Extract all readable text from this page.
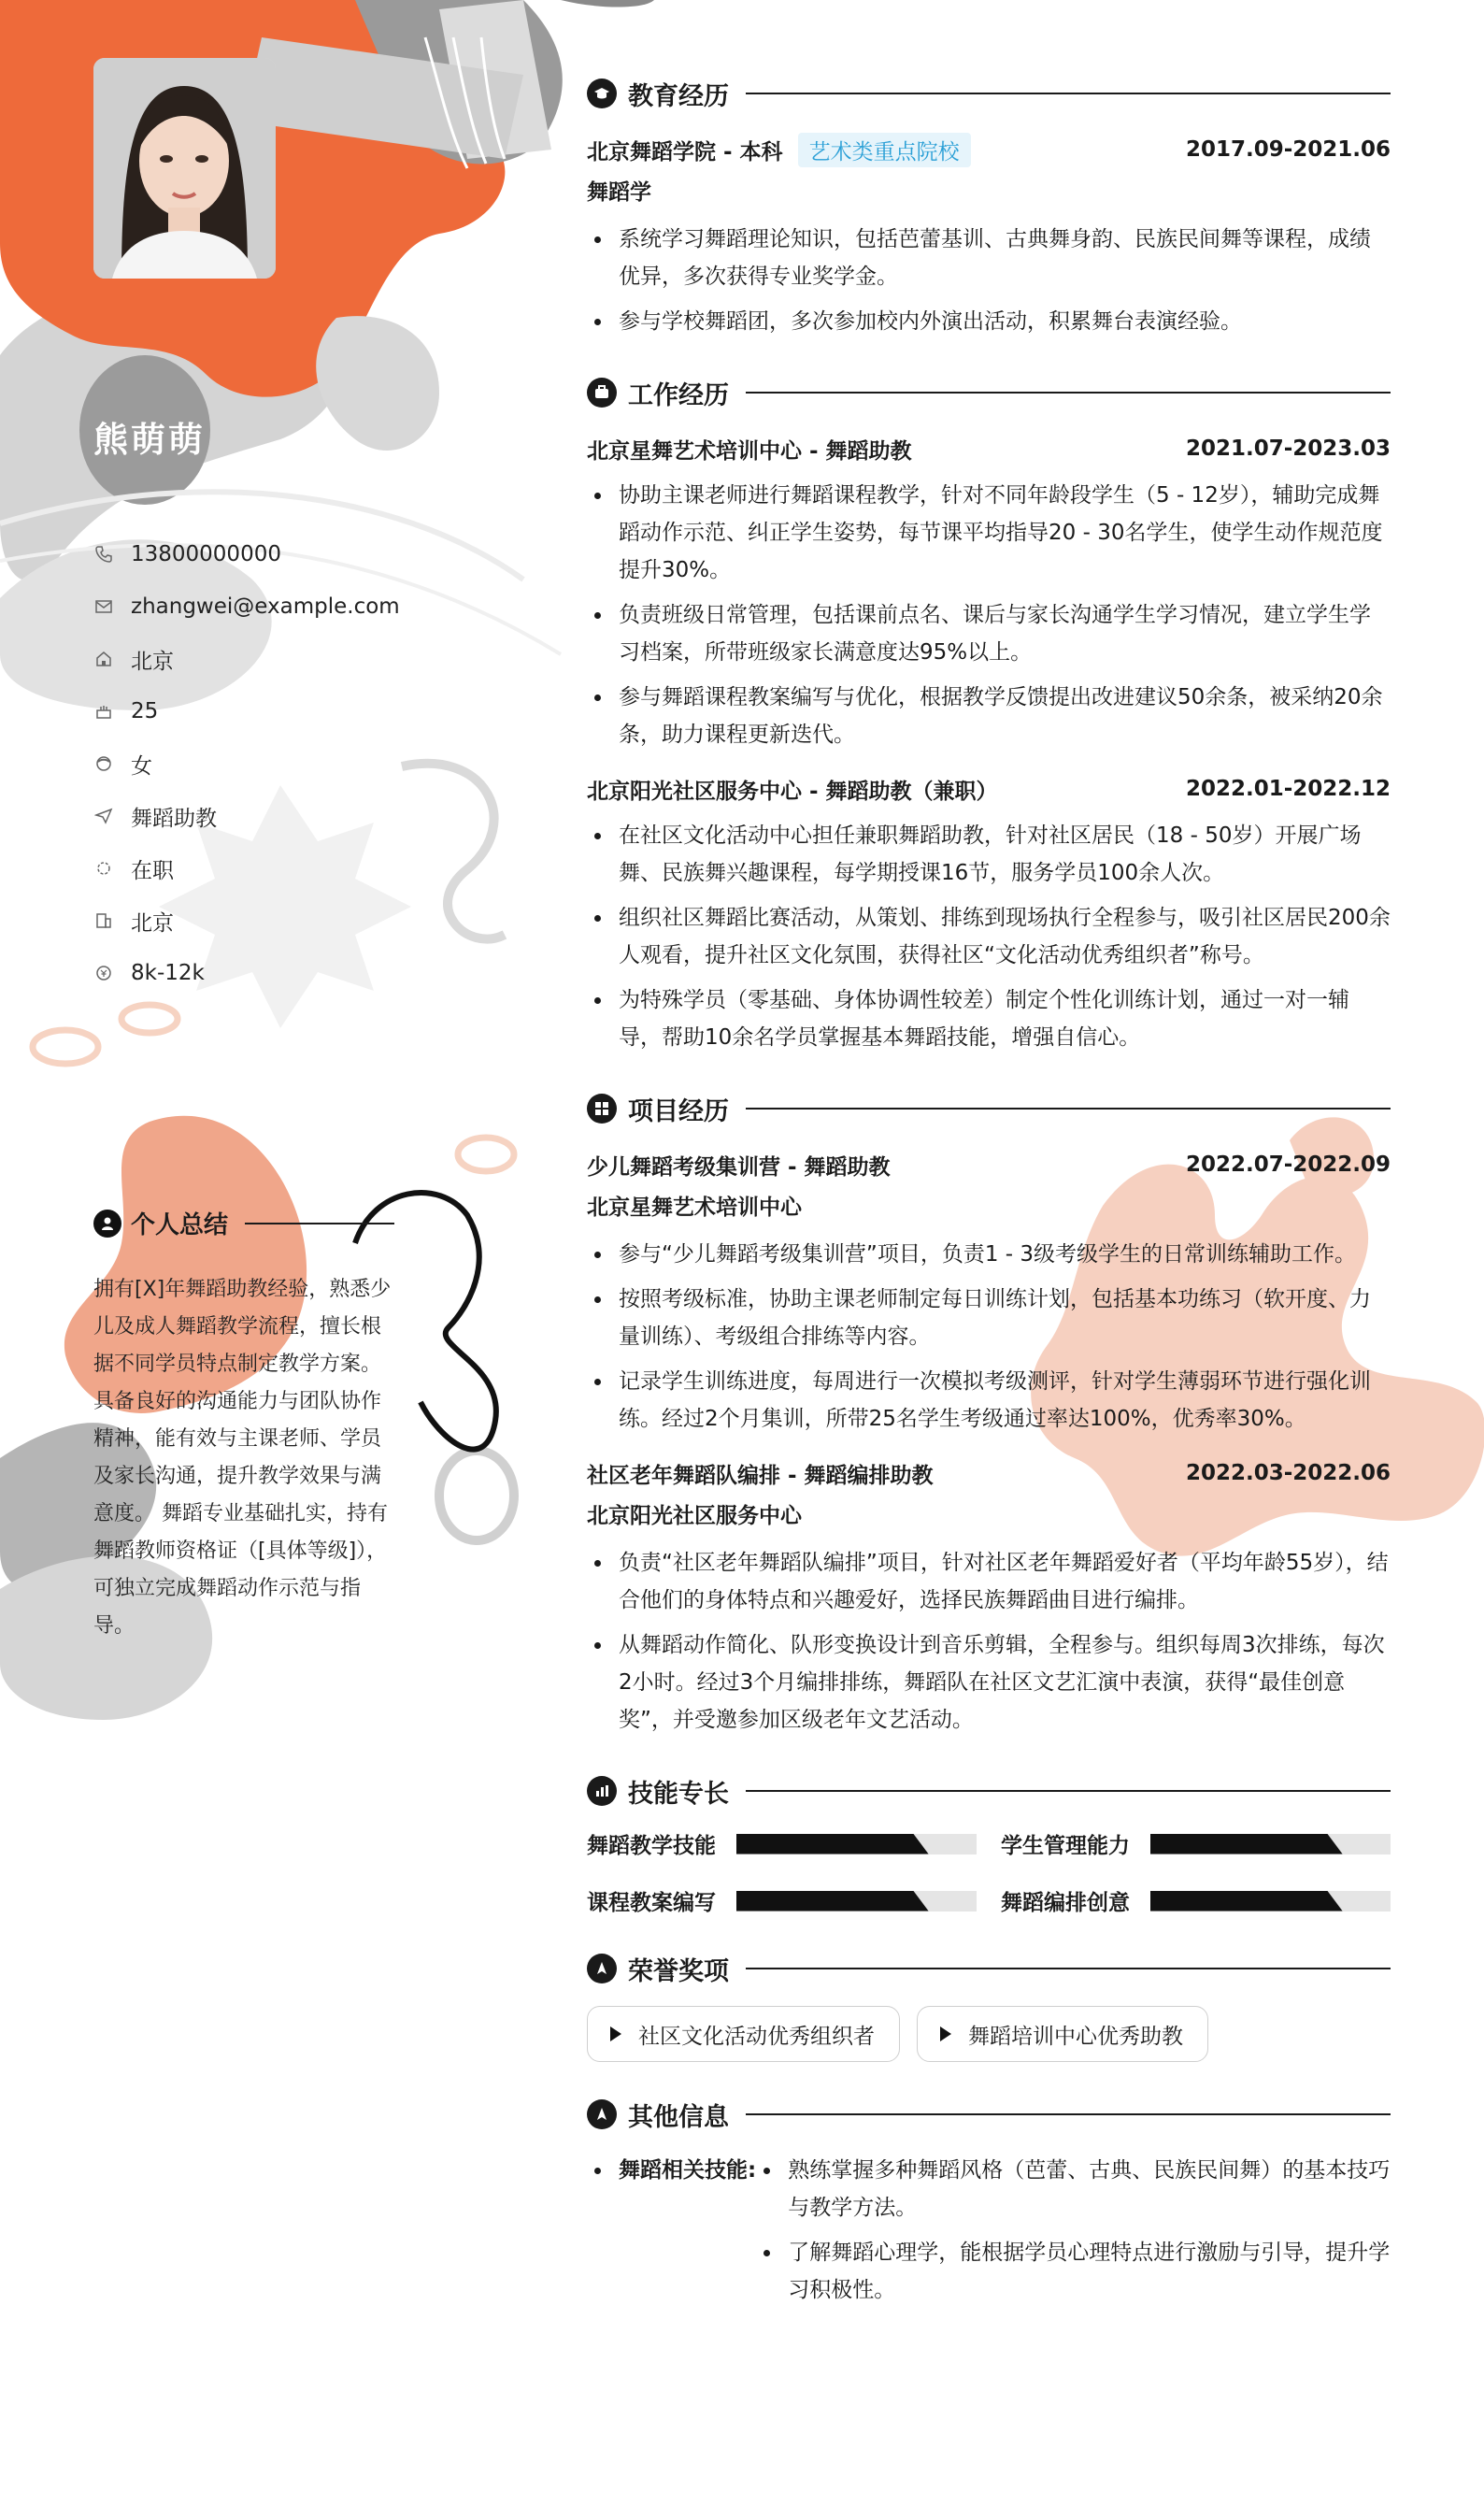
熊萌萌
13800000000
zhangwei@example.com
北京
25
女
舞蹈助教
在职
北京
8k-12k
个人总结
拥有[X]年舞蹈助教经验，熟悉少儿及成人舞蹈教学流程，擅长根据不同学员特点制定教学方案。 具备良好的沟通能力与团队协作精神，能有效与主课老师、学员及家长沟通，提升教学效果与满意度。 舞蹈专业基础扎实，持有舞蹈教师资格证（[具体等级]），可独立完成舞蹈动作示范与指导。
教育经历
北京舞蹈学院 - 本科 艺术类重点院校	2017.09-2021.06
舞蹈学
系统学习舞蹈理论知识，包括芭蕾基训、古典舞身韵、民族民间舞等课程，成绩优异，多次获得专业奖学金。
参与学校舞蹈团，多次参加校内外演出活动，积累舞台表演经验。
工作经历
北京星舞艺术培训中心 - 舞蹈助教	2021.07-2023.03
协助主课老师进行舞蹈课程教学，针对不同年龄段学生（5 - 12岁），辅助完成舞蹈动作示范、纠正学生姿势，每节课平均指导20 - 30名学生，使学生动作规范度提升30%。
负责班级日常管理，包括课前点名、课后与家长沟通学生学习情况，建立学生学习档案，所带班级家长满意度达95%以上。
参与舞蹈课程教案编写与优化，根据教学反馈提出改进建议50余条，被采纳20余条，助力课程更新迭代。
北京阳光社区服务中心 - 舞蹈助教（兼职）	2022.01-2022.12
在社区文化活动中心担任兼职舞蹈助教，针对社区居民（18 - 50岁）开展广场舞、民族舞兴趣课程，每学期授课16节，服务学员100余人次。
组织社区舞蹈比赛活动，从策划、排练到现场执行全程参与，吸引社区居民200余人观看，提升社区文化氛围，获得社区“文化活动优秀组织者”称号。
为特殊学员（零基础、身体协调性较差）制定个性化训练计划，通过一对一辅导，帮助10余名学员掌握基本舞蹈技能，增强自信心。
项目经历
少儿舞蹈考级集训营 - 舞蹈助教	2022.07-2022.09
北京星舞艺术培训中心
参与“少儿舞蹈考级集训营”项目，负责1 - 3级考级学生的日常训练辅助工作。
按照考级标准，协助主课老师制定每日训练计划，包括基本功练习（软开度、力量训练）、考级组合排练等内容。
记录学生训练进度，每周进行一次模拟考级测评，针对学生薄弱环节进行强化训练。经过2个月集训，所带25名学生考级通过率达100%，优秀率30%。
社区老年舞蹈队编排 - 舞蹈编排助教	2022.03-2022.06
北京阳光社区服务中心
负责“社区老年舞蹈队编排”项目，针对社区老年舞蹈爱好者（平均年龄55岁），结合他们的身体特点和兴趣爱好，选择民族舞蹈曲目进行编排。
从舞蹈动作简化、队形变换设计到音乐剪辑，全程参与。组织每周3次排练，每次2小时。经过3个月编排排练，舞蹈队在社区文艺汇演中表演，获得“最佳创意奖”，并受邀参加区级老年文艺活动。
技能专长
舞蹈教学技能	学生管理能力
课程教案编写	舞蹈编排创意
荣誉奖项
社区文化活动优秀组织者	舞蹈培训中心优秀助教
其他信息
舞蹈相关技能:	熟练掌握多种舞蹈风格（芭蕾、古典、民族民间舞）的基本技巧与教学方法。
了解舞蹈心理学，能根据学员心理特点进行激励与引导，提升学习积极性。
